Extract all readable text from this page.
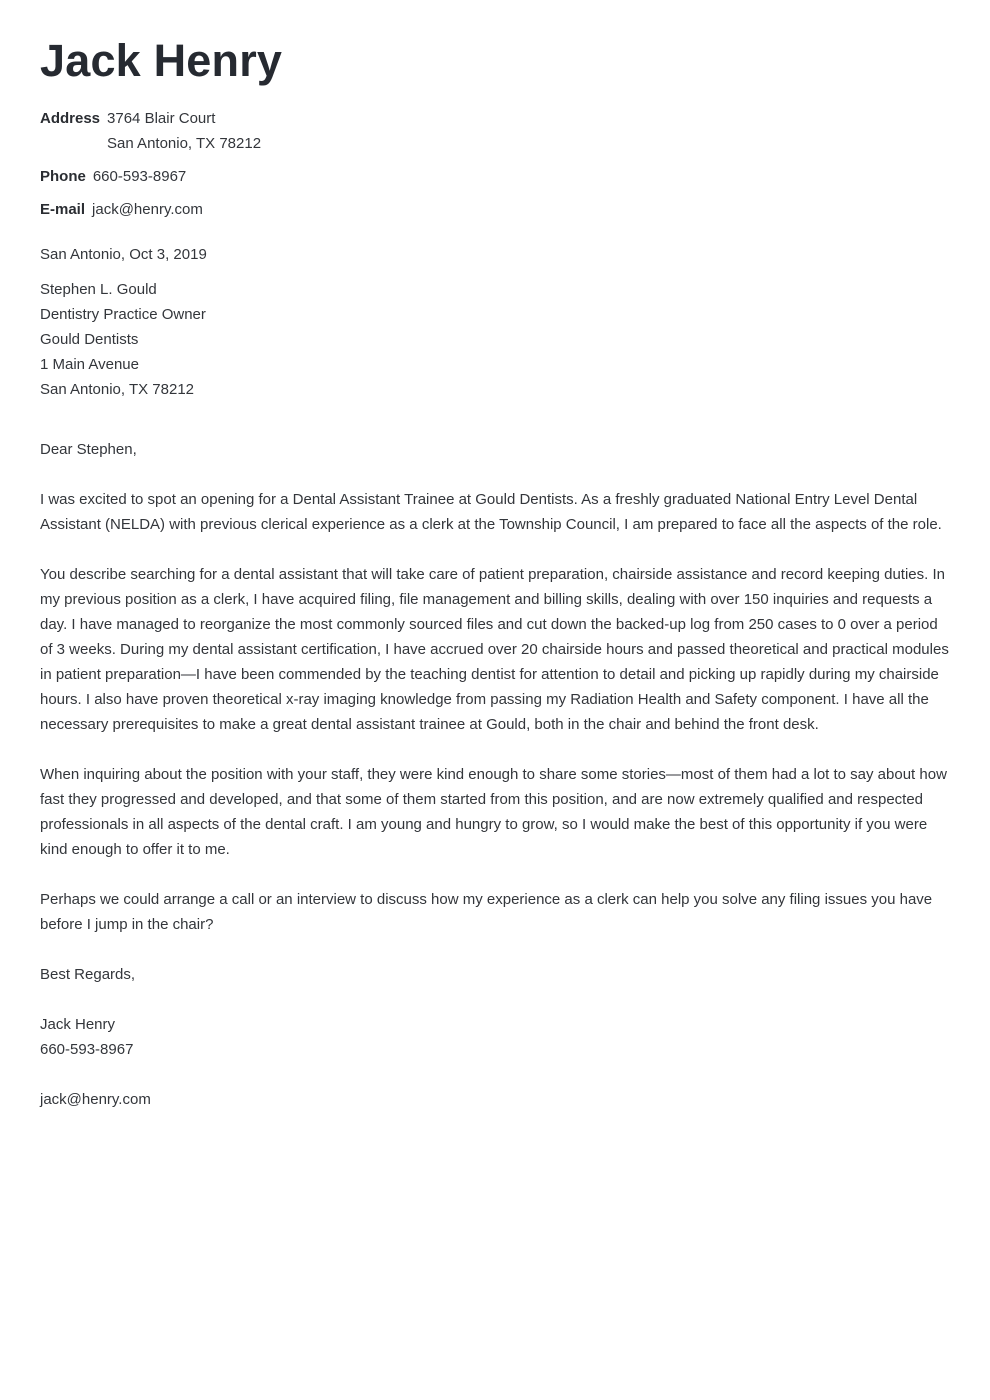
Jack Henry
Address 3764 Blair Court
San Antonio, TX 78212
Phone 660-593-8967
E-mail jack@henry.com
San Antonio, Oct 3, 2019
Stephen L. Gould
Dentistry Practice Owner
Gould Dentists
1 Main Avenue
San Antonio, TX 78212

Dear Stephen,

I was excited to spot an opening for a Dental Assistant Trainee at Gould Dentists. As a freshly graduated National Entry Level Dental Assistant (NELDA) with previous clerical experience as a clerk at the Township Council, I am prepared to face all the aspects of the role.

You describe searching for a dental assistant that will take care of patient preparation, chairside assistance and record keeping duties. In my previous position as a clerk, I have acquired filing, file management and billing skills, dealing with over 150 inquiries and requests a day. I have managed to reorganize the most commonly sourced files and cut down the backed-up log from 250 cases to 0 over a period of 3 weeks. During my dental assistant certification, I have accrued over 20 chairside hours and passed theoretical and practical modules in patient preparation—I have been commended by the teaching dentist for attention to detail and picking up rapidly during my chairside hours. I also have proven theoretical x-ray imaging knowledge from passing my Radiation Health and Safety component. I have all the necessary prerequisites to make a great dental assistant trainee at Gould, both in the chair and behind the front desk.

When inquiring about the position with your staff, they were kind enough to share some stories—most of them had a lot to say about how fast they progressed and developed, and that some of them started from this position, and are now extremely qualified and respected professionals in all aspects of the dental craft. I am young and hungry to grow, so I would make the best of this opportunity if you were kind enough to offer it to me.

Perhaps we could arrange a call or an interview to discuss how my experience as a clerk can help you solve any filing issues you have before I jump in the chair?

Best Regards,

Jack Henry
660-593-8967
jack@henry.com
